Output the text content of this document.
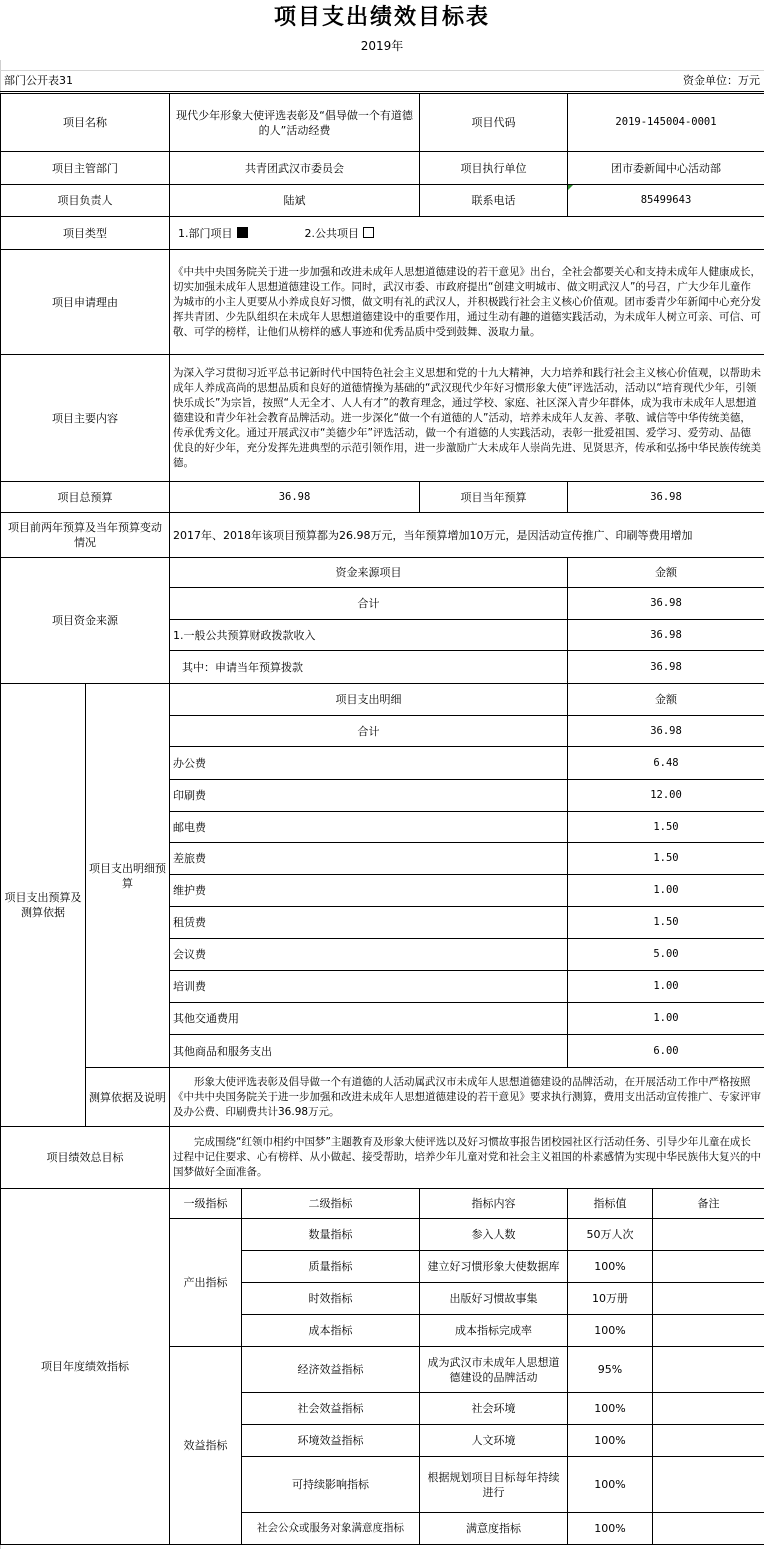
项目支出绩效目标表
2019年
部门公开表31	资金单位：万元
项目名称		现代少年形象大使评选表彰及“倡导做一个有道德的人”活动经费		项目代码	2019-145004-0001	
项目主管部门		共青团武汉市委员会		项目执行单位	团市委新闻中心活动部	
项目负责人		陆斌		联系电话	85499643	
项目类型		1.部门项目 2.公共项目				
项目申请理由		《中共中央国务院关于进一步加强和改进未成年人思想道德建设的若干意见》出台，全社会都要关心和支持未成年人健康成长，切实加强未成年人思想道德建设工作。同时，武汉市委、市政府提出“创建文明城市、做文明武汉人”的号召，广大少年儿童作为城市的小主人更要从小养成良好习惯，做文明有礼的武汉人，并积极践行社会主义核心价值观。团市委青少年新闻中心充分发挥共青团、少先队组织在未成年人思想道德建设中的重要作用，通过生动有趣的道德实践活动，为未成年人树立可亲、可信、可敬、可学的榜样，让他们从榜样的感人事迹和优秀品质中受到鼓舞、汲取力量。				
项目主要内容		为深入学习贯彻习近平总书记新时代中国特色社会主义思想和党的十九大精神，大力培养和践行社会主义核心价值观，以帮助未成年人养成高尚的思想品质和良好的道德情操为基础的“武汉现代少年好习惯形象大使”评选活动，活动以“培育现代少年，引领快乐成长”为宗旨，按照“人无全才、人人有才”的教育理念，通过学校、家庭、社区深入青少年群体，成为我市未成年人思想道德建设和青少年社会教育品牌活动。进一步深化“做一个有道德的人”活动，培养未成年人友善、孝敬、诚信等中华传统美德，传承优秀文化。通过开展武汉市“美德少年”评选活动，做一个有道德的人实践活动，表彰一批爱祖国、爱学习、爱劳动、品德优良的好少年，充分发挥先进典型的示范引领作用，进一步激励广大未成年人崇尚先进、见贤思齐，传承和弘扬中华民族传统美德。				
项目总预算		36.98		项目当年预算	36.98	
项目前两年预算及当年预算变动情况		2017年、2018年该项目预算都为26.98万元，当年预算增加10万元，是因活动宣传推广、印刷等费用增加				
项目资金来源		资金来源项目			金额	
		合计			36.98	
		1.一般公共预算财政拨款收入			36.98	
		其中：申请当年预算拨款			36.98	
项目支出预算及测算依据	项目支出明细预算	项目支出明细			金额	
		合计			36.98	
		办公费			6.48	
		印刷费			12.00	
		邮电费			1.50	
		差旅费			1.50	
		维护费			1.00	
		租赁费			1.50	
		会议费			5.00	
		培训费			1.00	
		其他交通费用			1.00	
		其他商品和服务支出			6.00	
	测算依据及说明	形象大使评选表彰及倡导做一个有道德的人活动属武汉市未成年人思想道德建设的品牌活动，在开展活动工作中严格按照《中共中央国务院关于进一步加强和改进未成年人思想道德建设的若干意见》要求执行测算，费用支出活动宣传推广、专家评审及办公费、印刷费共计36.98万元。				

项目绩效总目标		完成围绕“红领巾相约中国梦”主题教育及形象大使评选以及好习惯故事报告团校园社区行活动任务、引导少年儿童在成长过程中记住要求、心有榜样、从小做起、接受帮助，培养少年儿童对党和社会主义祖国的朴素感情为实现中华民族伟大复兴的中国梦做好全面准备。				
项目年度绩效指标		一级指标	二级指标	指标内容	指标值	备注
		产出指标	数量指标	参入人数	50万人次	
			质量指标	建立好习惯形象大使数据库	100%	
			时效指标	出版好习惯故事集	10万册	
			成本指标	成本指标完成率	100%	
		效益指标	经济效益指标	成为武汉市未成年人思想道德建设的品牌活动	95%	
			社会效益指标	社会环境	100%	
			环境效益指标	人文环境	100%	
			可持续影响指标	根据规划项目目标每年持续进行	100%	
			社会公众或服务对象满意度指标	满意度指标	100%	
